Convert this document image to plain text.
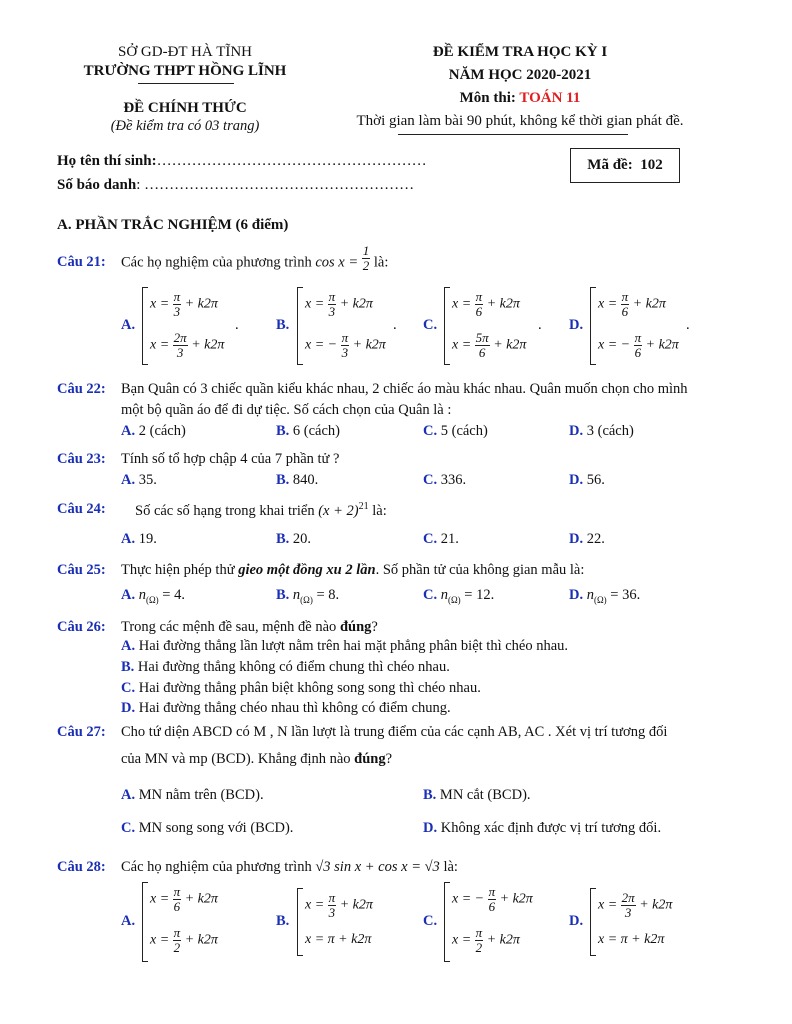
SỞ GD-ĐT HÀ TĨNH
TRƯỜNG THPT HỒNG LĨNH
ĐỀ CHÍNH THỨC
(Đề kiểm tra có 03 trang)
ĐỀ KIỂM TRA HỌC KỲ I
NĂM HỌC 2020-2021
Môn thi: TOÁN 11
Thời gian làm bài 90 phút, không kể thời gian phát đề.
Họ tên thí sinh:………………………………………………
Số báo danh: ………………………………………………
Mã đề: 102
A. PHẦN TRẮC NGHIỆM (6 điểm)
Câu 21: Các họ nghiệm của phương trình $\cos x = \frac{1}{2}$ là:
A.
$x = \frac{\pi}{3} + k2\pi$
$x = \frac{2\pi}{3} + k2\pi$
.	B.
$x = \frac{\pi}{3} + k2\pi$
x = − $\frac{\pi}{3} + k2\pi$
. C.
$x = \frac{\pi}{6} + k2\pi$
$x = \frac{5\pi}{6} + k2\pi$
. D.
$x = \frac{\pi}{6} + k2\pi$
x = − $\frac{\pi}{6} + k2\pi$
.
Câu 22: Bạn Quân có 3 chiếc quần kiểu khác nhau, 2 chiếc áo màu khác nhau. Quân muốn chọn cho mình
một bộ quần áo để đi dự tiệc. Số cách chọn của Quân là :
A. 2 (cách)	B. 6 (cách)	C. 5 (cách)	D. 3 (cách)
Câu 23: Tính số tổ hợp chập 4 của 7 phần tử ?
A. 35.	B. 840.	C. 336.	D. 56.
Câu 24: Số các số hạng trong khai triển $(x + 2)^{21}$ là:
A. 19.	B. 20.	C. 21.	D. 22.
Câu 25: Thực hiện phép thử gieo một đồng xu 2 lần. Số phần tử của không gian mẫu là:
A. $n_{(\Omega)} = 4$.	B. $n_{(\Omega)} = 8$.	C. $n_{(\Omega)} = 12$.	D. $n_{(\Omega)} = 36$.
Câu 26: Trong các mệnh đề sau, mệnh đề nào đúng?
A. Hai đường thẳng lần lượt nằm trên hai mặt phẳng phân biệt thì chéo nhau.
B. Hai đường thẳng không có điểm chung thì chéo nhau.
C. Hai đường thẳng phân biệt không song song thì chéo nhau.
D. Hai đường thẳng chéo nhau thì không có điểm chung.
Câu 27: Cho tứ diện ABCD có M , N lần lượt là trung điểm của các cạnh AB, AC . Xét vị trí tương đối
của MN và mp (BCD). Khẳng định nào đúng?
A. MN nằm trên (BCD).	B. MN cắt (BCD).
C. MN song song với (BCD).	D. Không xác định được vị trí tương đối.
Câu 28: Các họ nghiệm của phương trình √3 sin x + cos x = √3 là:
A.
$x = \frac{\pi}{6} + k2\pi$
$x = \frac{\pi}{2} + k2\pi$
B.
$x = \frac{\pi}{3} + k2\pi$
x = π + k2π
C.
x = − $\frac{\pi}{6} + k2\pi$
$x = \frac{\pi}{2} + k2\pi$
D.
$x = \frac{2\pi}{3} + k2\pi$
x = π + k2π
